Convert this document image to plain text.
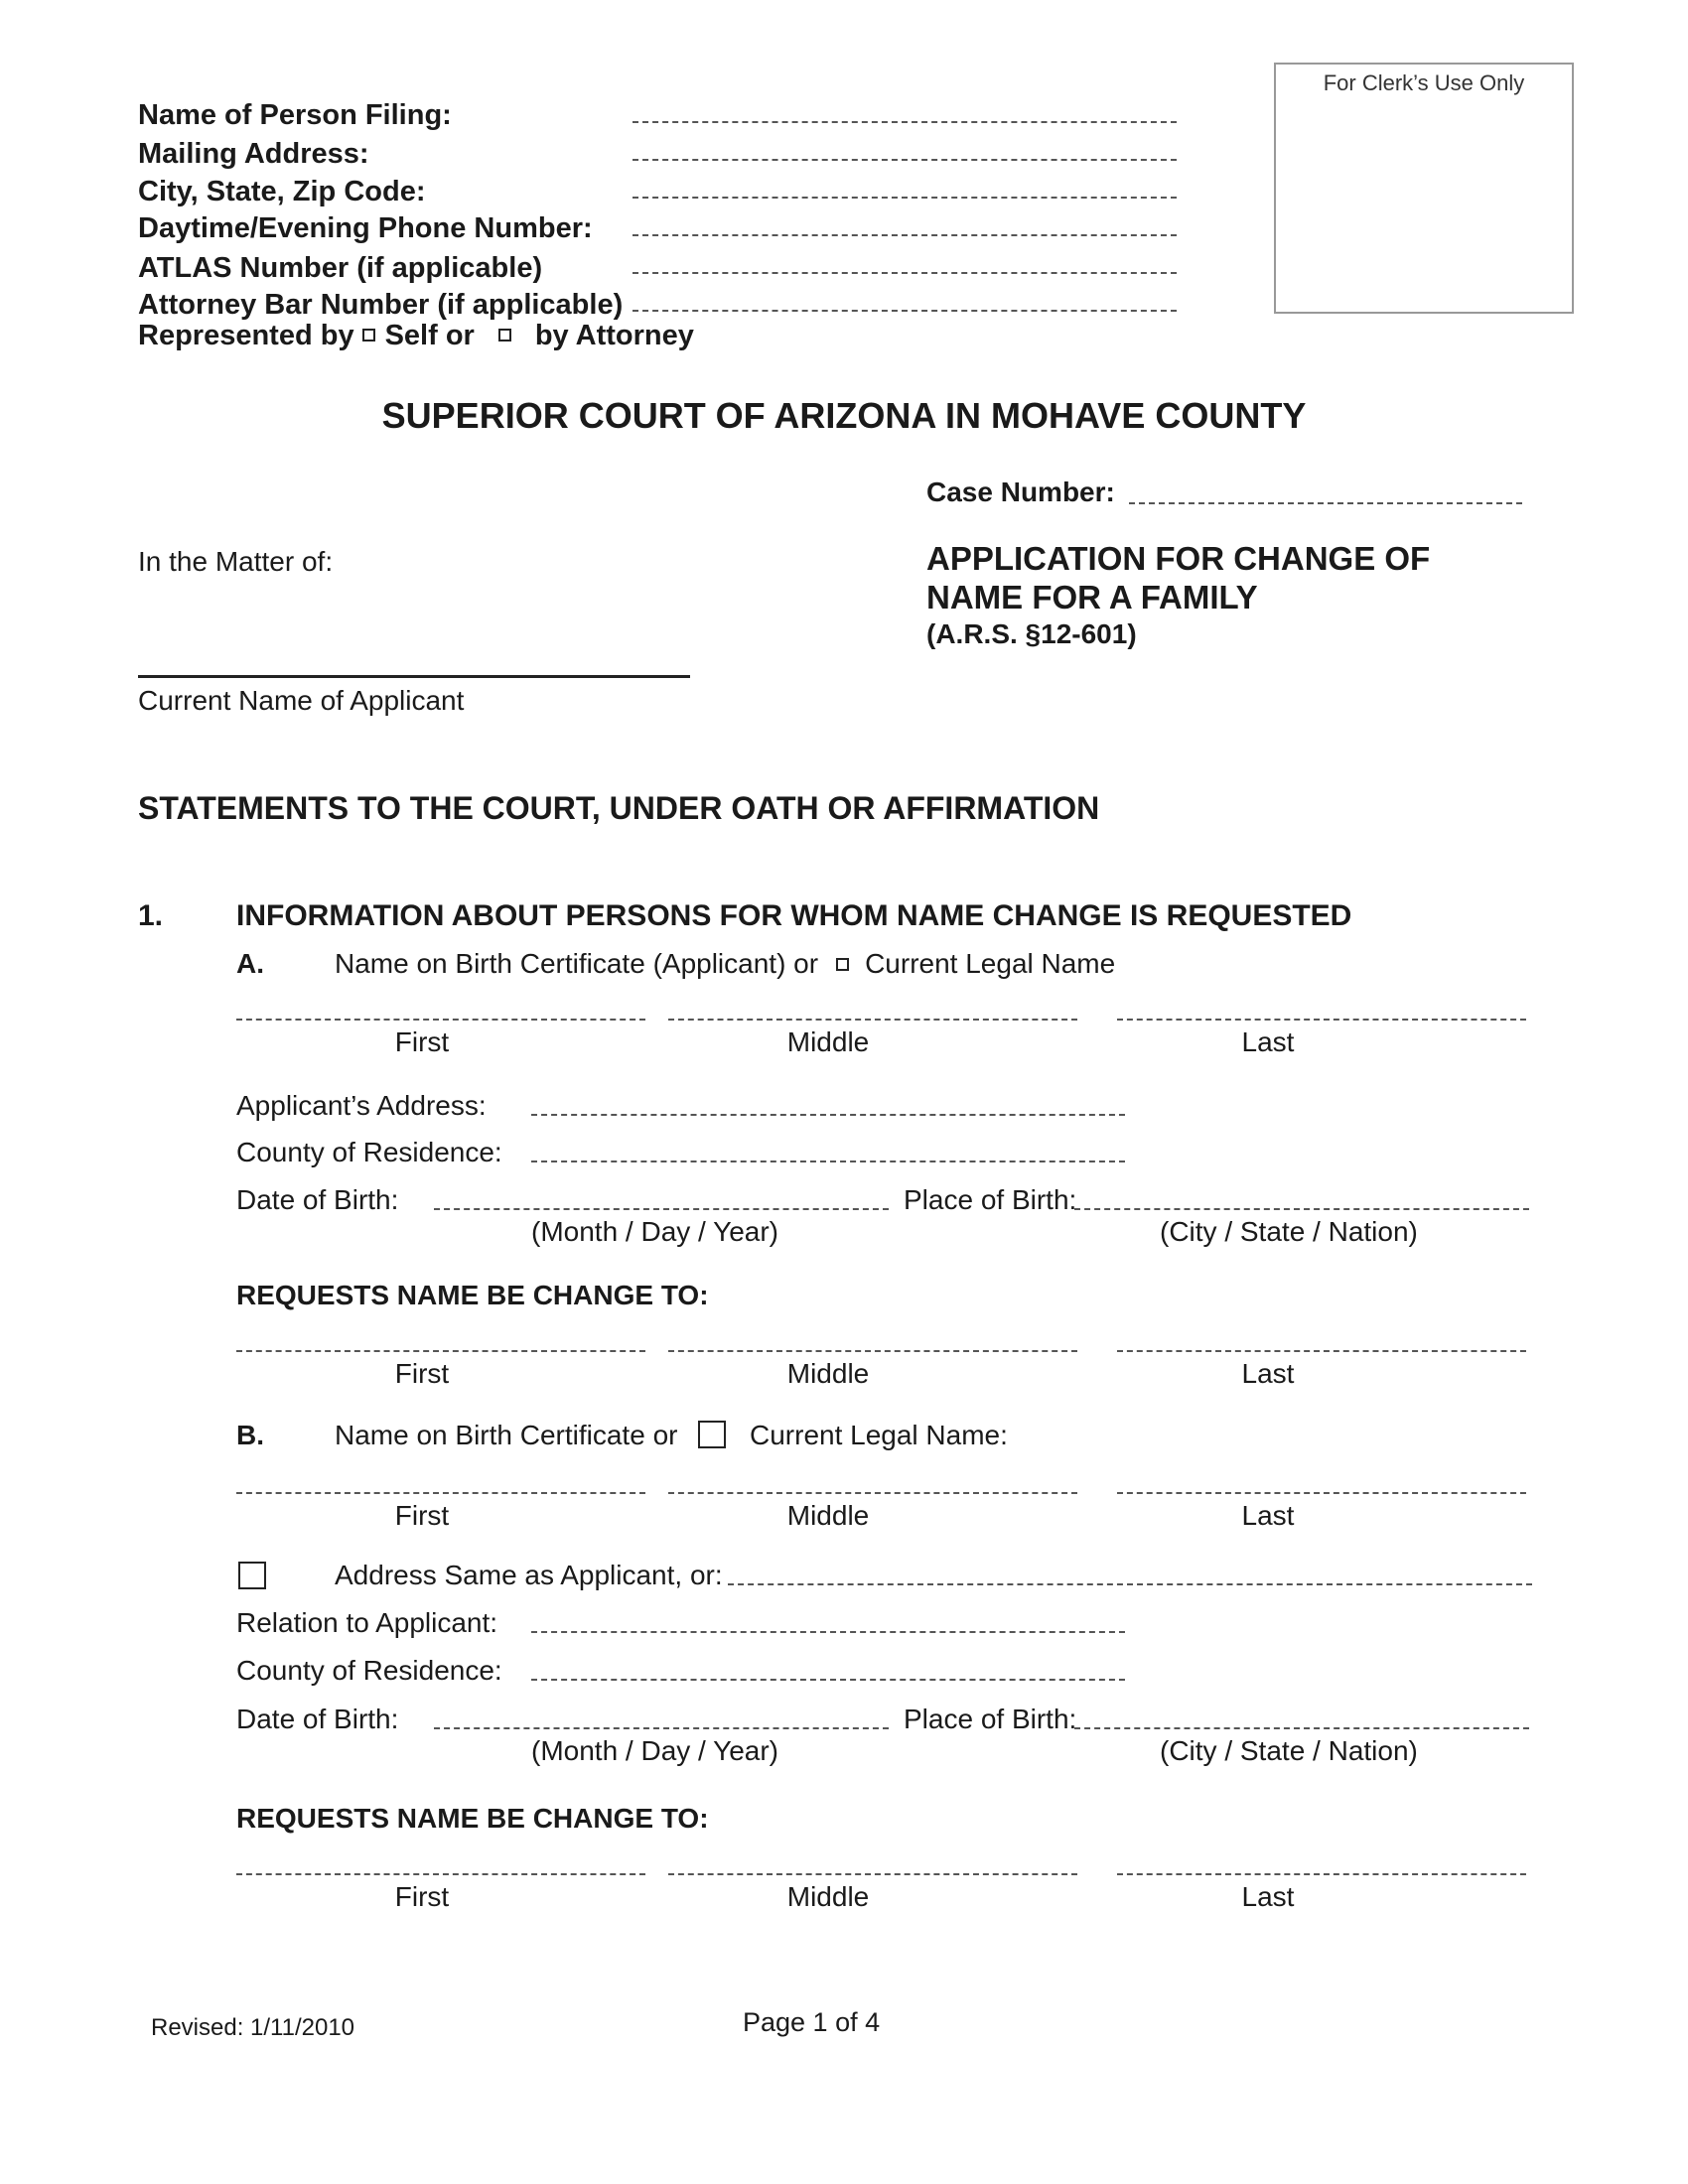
Name of Person Filing:
Mailing Address:
City, State, Zip Code:
Daytime/Evening Phone Number:
ATLAS Number (if applicable)
Attorney Bar Number (if applicable)
Represented by Self or by Attorney
For Clerk’s Use Only
SUPERIOR COURT OF ARIZONA IN MOHAVE COUNTY
Case Number:
In the Matter of:	APPLICATION FOR CHANGE OF
NAME FOR A FAMILY
(A.R.S. §12-601)
Current Name of Applicant
STATEMENTS TO THE COURT, UNDER OATH OR AFFIRMATION
1. INFORMATION ABOUT PERSONS FOR WHOM NAME CHANGE IS REQUESTED
A.	Name on Birth Certificate (Applicant) or Current Legal Name
First	Middle	Last
Applicant’s Address:
County of Residence:
Date of Birth:	Place of Birth:
(Month / Day / Year)	(City / State / Nation)
REQUESTS NAME BE CHANGE TO:
First	Middle	Last
B.	Name on Birth Certificate or	Current Legal Name:
First	Middle	Last
Address Same as Applicant, or:
Relation to Applicant:
County of Residence:
Date of Birth:	Place of Birth:
(Month / Day / Year)	(City / State / Nation)
REQUESTS NAME BE CHANGE TO:
First	Middle	Last
Revised: 1/11/2010	Page 1 of 4
